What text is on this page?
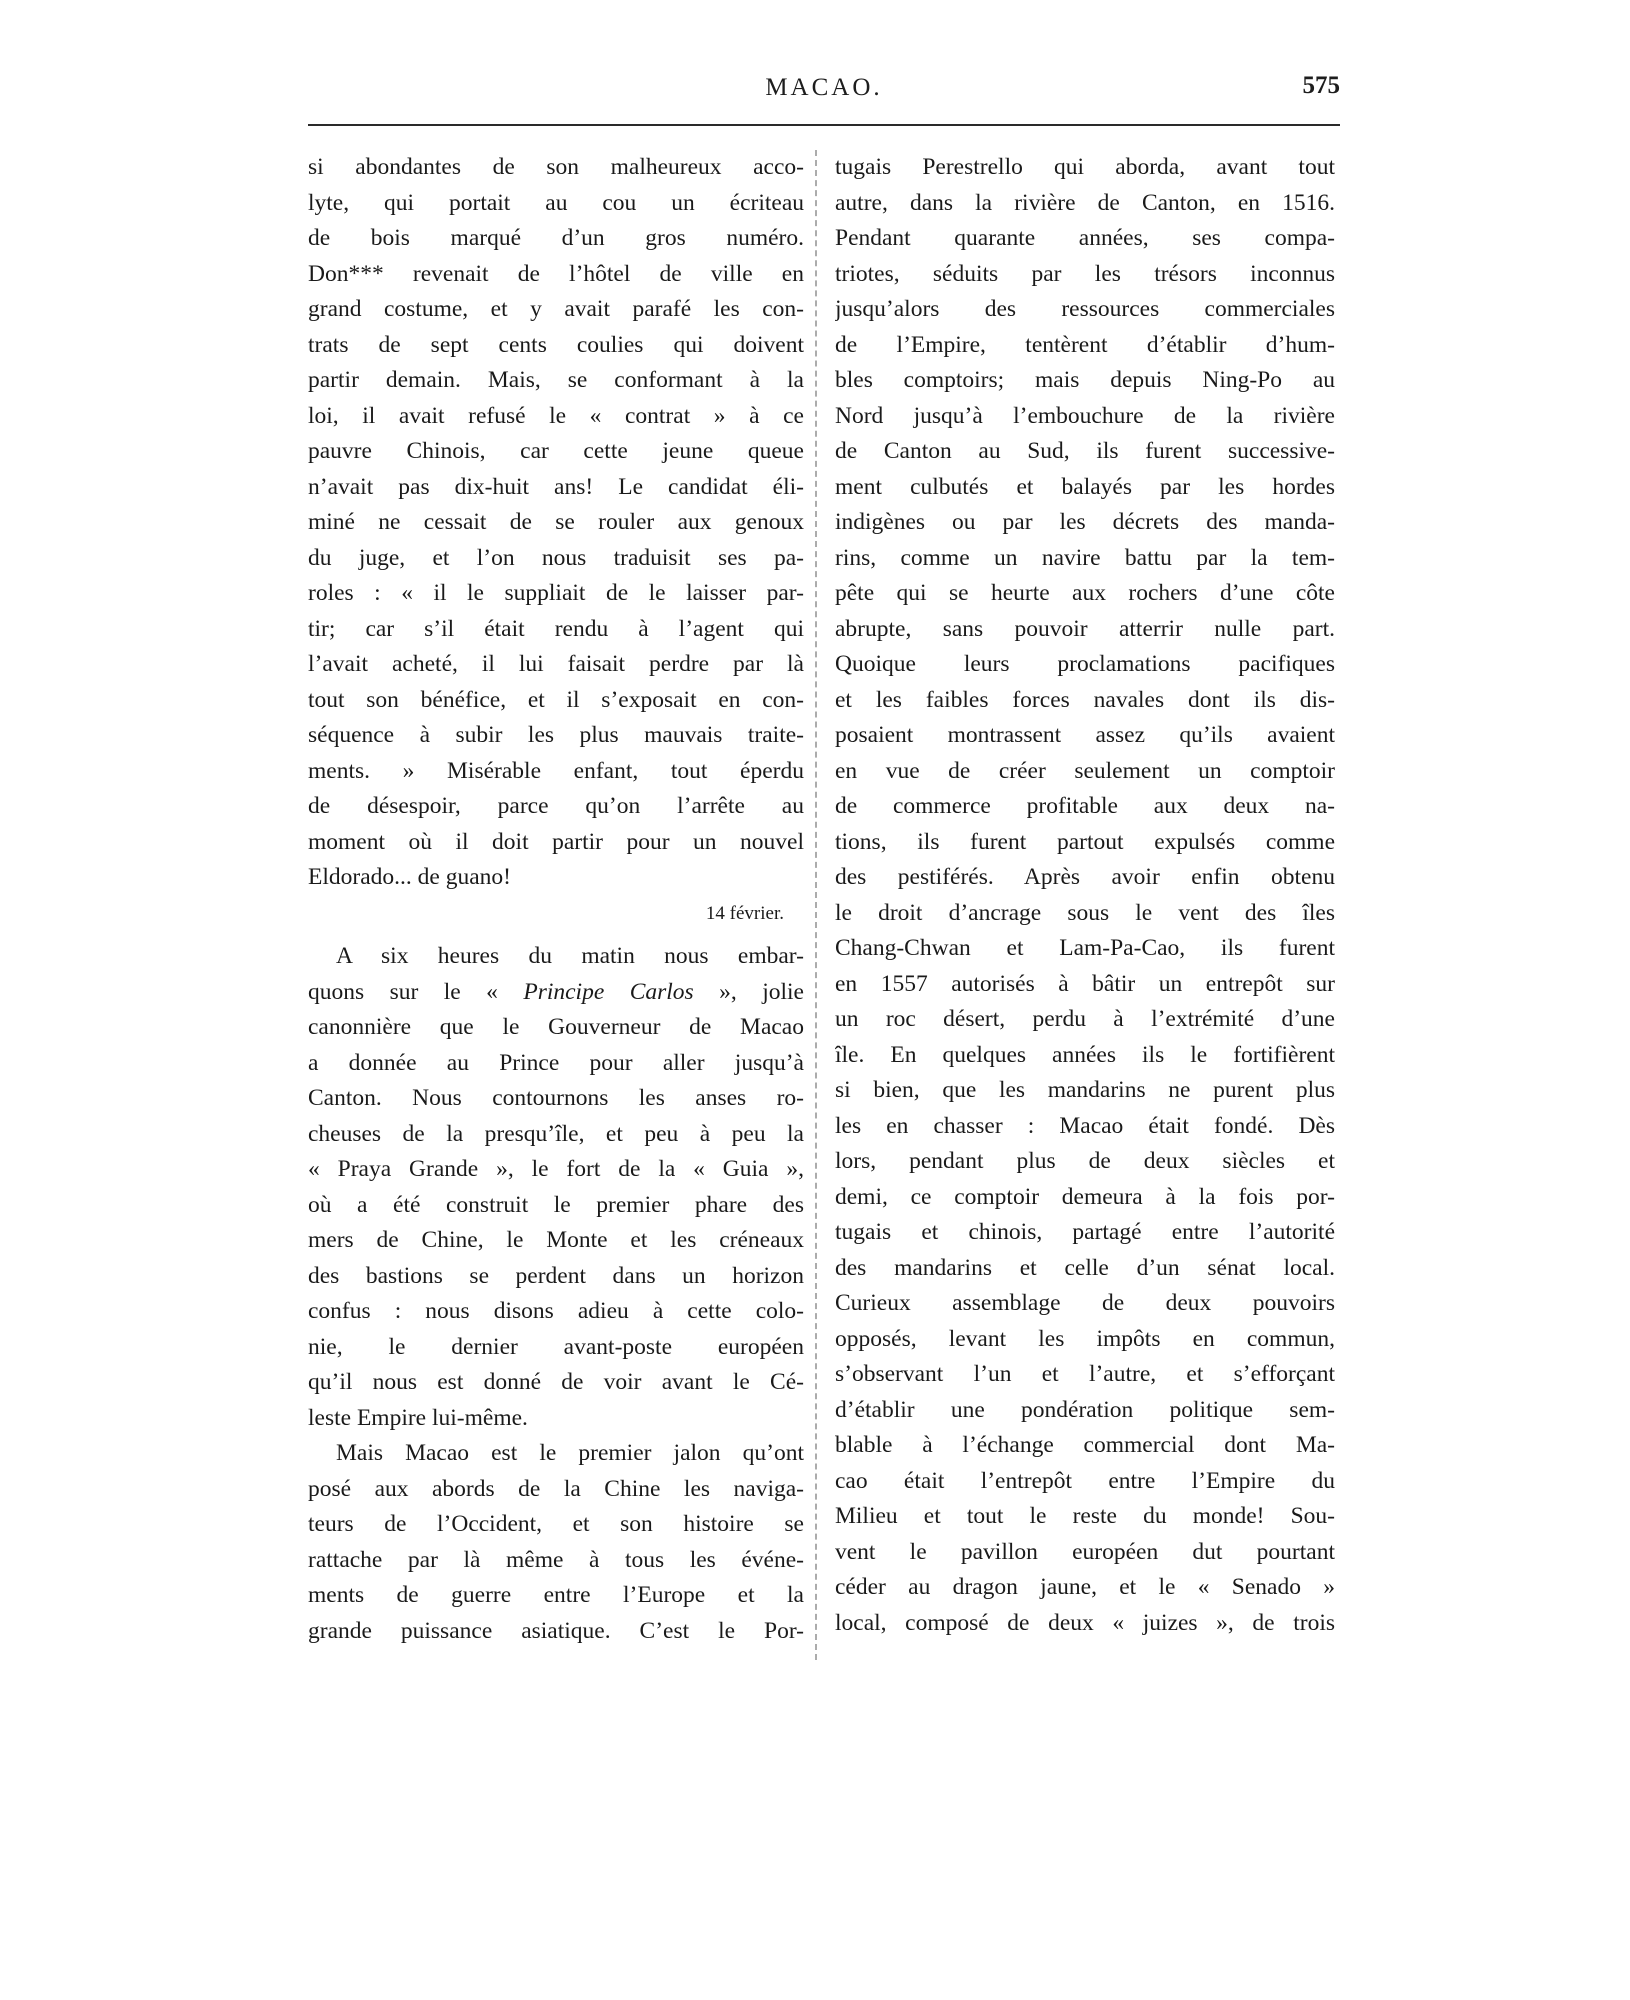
MACAO.	575
si abondantes de son malheureux acco-
lyte, qui portait au cou un écriteau
de bois marqué d’un gros numéro.
Don*** revenait de l’hôtel de ville en
grand costume, et y avait parafé les con-
trats de sept cents coulies qui doivent
partir demain. Mais, se conformant à la
loi, il avait refusé le « contrat » à ce
pauvre Chinois, car cette jeune queue
n’avait pas dix-huit ans! Le candidat éli-
miné ne cessait de se rouler aux genoux
du juge, et l’on nous traduisit ses pa-
roles : « il le suppliait de le laisser par-
tir; car s’il était rendu à l’agent qui
l’avait acheté, il lui faisait perdre par là
tout son bénéfice, et il s’exposait en con-
séquence à subir les plus mauvais traite-
ments. » Misérable enfant, tout éperdu
de désespoir, parce qu’on l’arrête au
moment où il doit partir pour un nouvel
Eldorado... de guano!
14 février.
A six heures du matin nous embar-
quons sur le « Principe Carlos », jolie
canonnière que le Gouverneur de Macao
a donnée au Prince pour aller jusqu’à
Canton. Nous contournons les anses ro-
cheuses de la presqu’île, et peu à peu la
« Praya Grande », le fort de la « Guia »,
où a été construit le premier phare des
mers de Chine, le Monte et les créneaux
des bastions se perdent dans un horizon
confus : nous disons adieu à cette colo-
nie, le dernier avant-poste européen
qu’il nous est donné de voir avant le Cé-
leste Empire lui-même.
Mais Macao est le premier jalon qu’ont
posé aux abords de la Chine les naviga-
teurs de l’Occident, et son histoire se
rattache par là même à tous les événe-
ments de guerre entre l’Europe et la
grande puissance asiatique. C’est le Por-
tugais Perestrello qui aborda, avant tout
autre, dans la rivière de Canton, en 1516.
Pendant quarante années, ses compa-
triotes, séduits par les trésors inconnus
jusqu’alors des ressources commerciales
de l’Empire, tentèrent d’établir d’hum-
bles comptoirs; mais depuis Ning-Po au
Nord jusqu’à l’embouchure de la rivière
de Canton au Sud, ils furent successive-
ment culbutés et balayés par les hordes
indigènes ou par les décrets des manda-
rins, comme un navire battu par la tem-
pête qui se heurte aux rochers d’une côte
abrupte, sans pouvoir atterrir nulle part.
Quoique leurs proclamations pacifiques
et les faibles forces navales dont ils dis-
posaient montrassent assez qu’ils avaient
en vue de créer seulement un comptoir
de commerce profitable aux deux na-
tions, ils furent partout expulsés comme
des pestiférés. Après avoir enfin obtenu
le droit d’ancrage sous le vent des îles
Chang-Chwan et Lam-Pa-Cao, ils furent
en 1557 autorisés à bâtir un entrepôt sur
un roc désert, perdu à l’extrémité d’une
île. En quelques années ils le fortifièrent
si bien, que les mandarins ne purent plus
les en chasser : Macao était fondé. Dès
lors, pendant plus de deux siècles et
demi, ce comptoir demeura à la fois por-
tugais et chinois, partagé entre l’autorité
des mandarins et celle d’un sénat local.
Curieux assemblage de deux pouvoirs
opposés, levant les impôts en commun,
s’observant l’un et l’autre, et s’efforçant
d’établir une pondération politique sem-
blable à l’échange commercial dont Ma-
cao était l’entrepôt entre l’Empire du
Milieu et tout le reste du monde! Sou-
vent le pavillon européen dut pourtant
céder au dragon jaune, et le « Senado »
local, composé de deux « juizes », de trois
